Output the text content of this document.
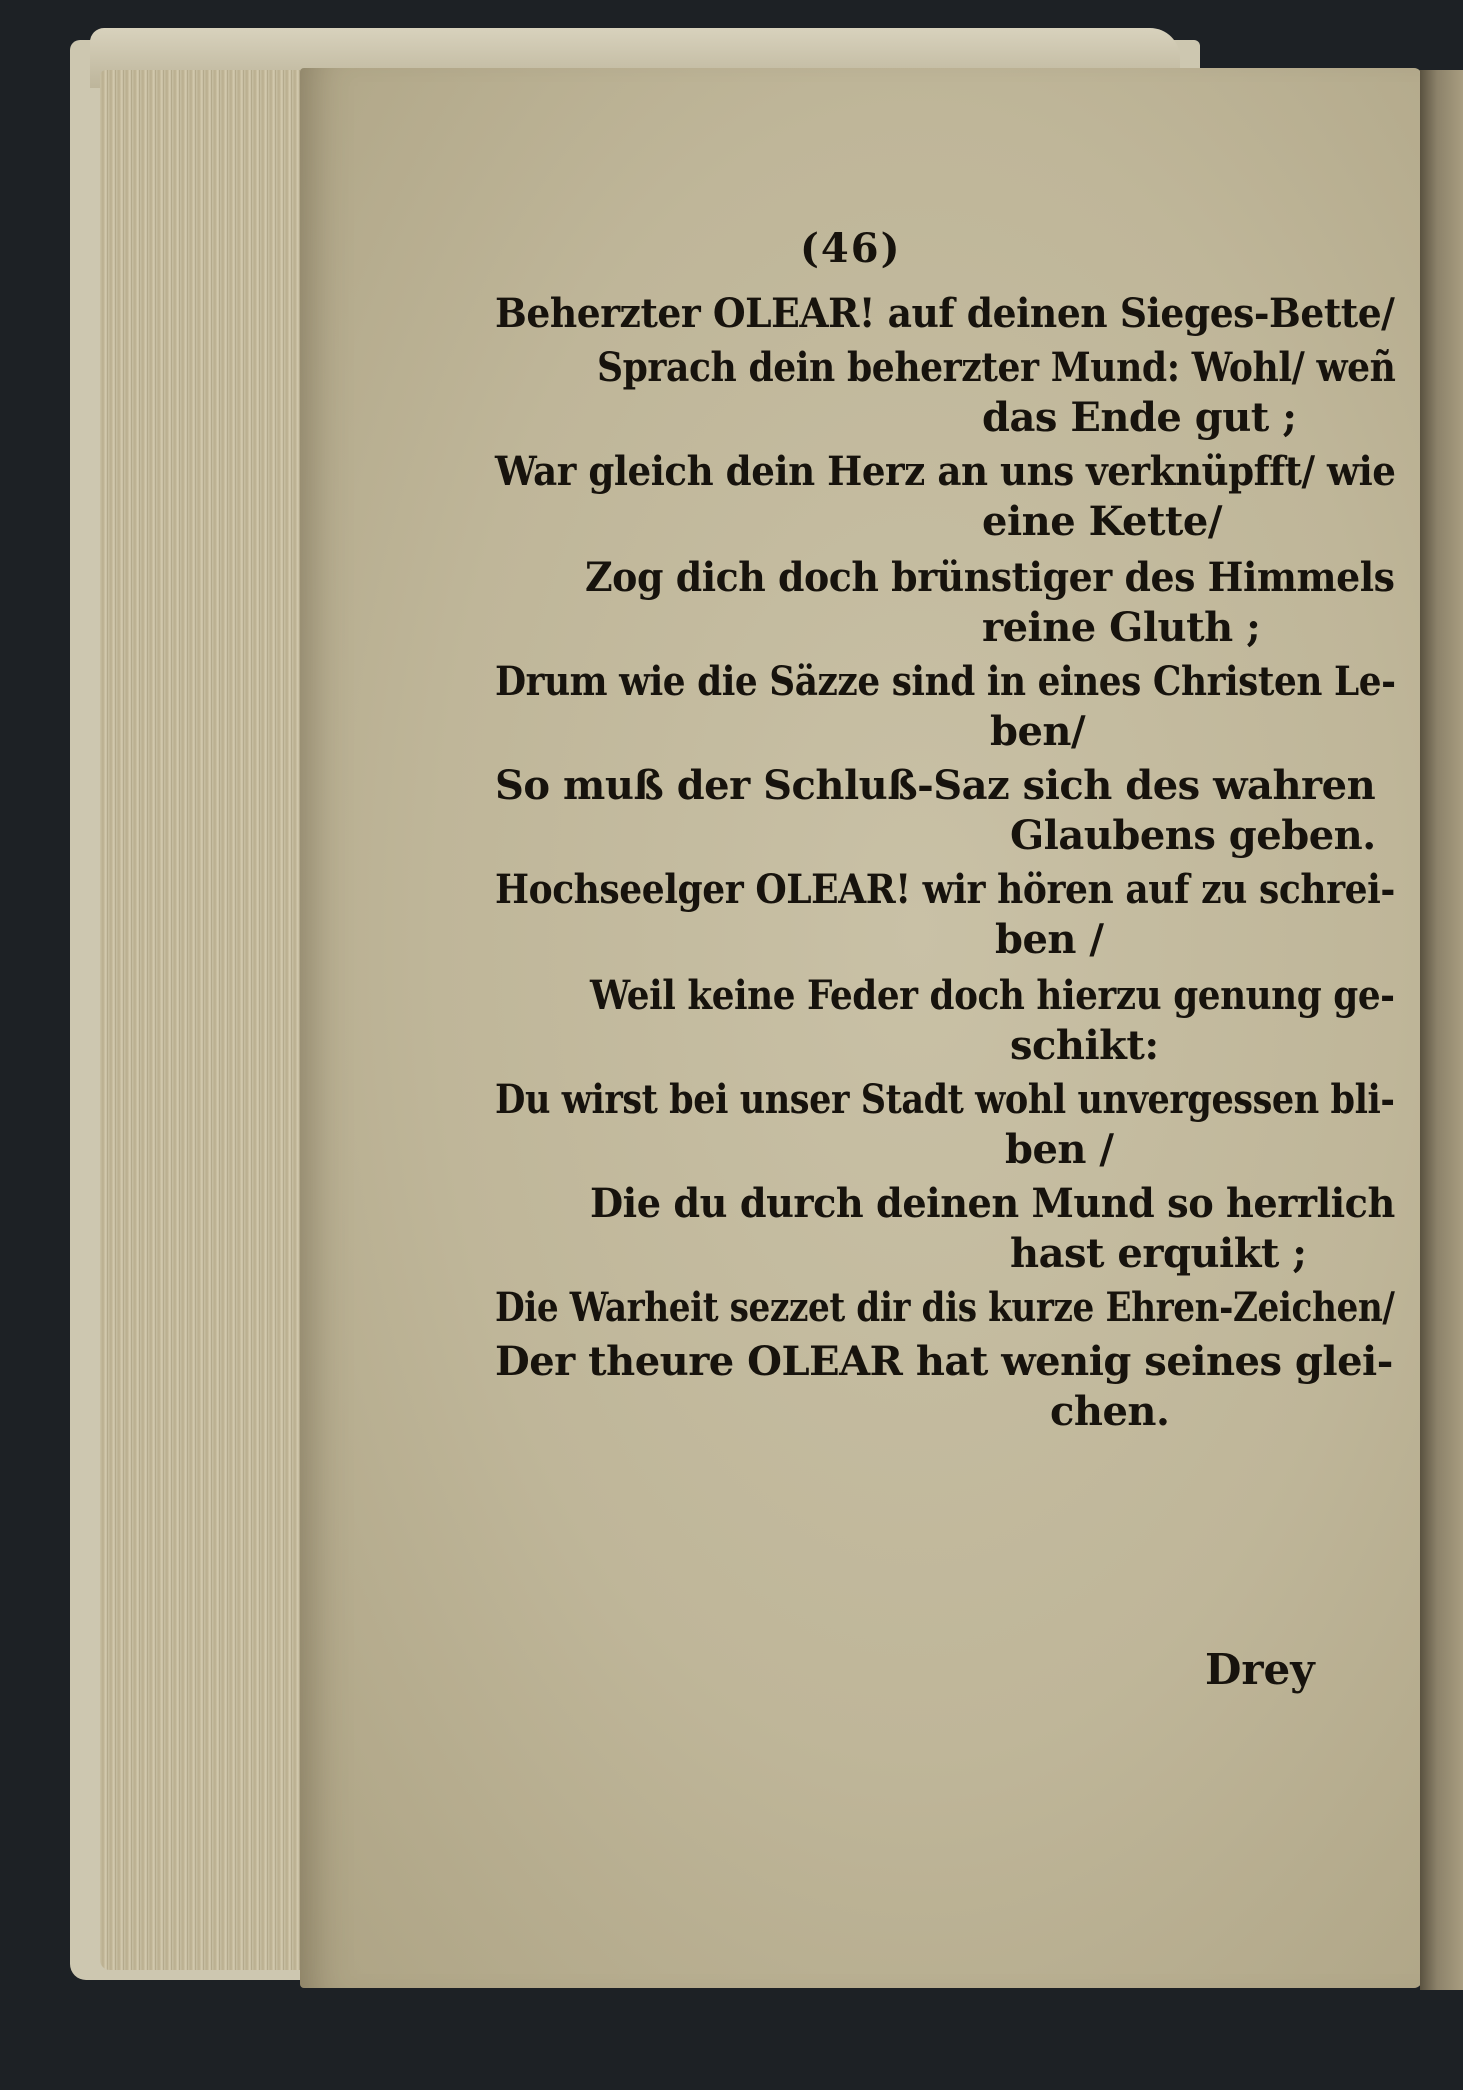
(46)
Beherzter OLEAR! auf deinen Sieges-Bette/
Sprach dein beherzter Mund: Wohl/ weñ
das Ende gut ;
War gleich dein Herz an uns verknüpfft/ wie
eine Kette/
Zog dich doch brünstiger des Himmels
reine Gluth ;
Drum wie die Säzze sind in eines Christen Le-
ben/
So muß der Schluß-Saz sich des wahren
Glaubens geben.
Hochseelger OLEAR! wir hören auf zu schrei-
ben /
Weil keine Feder doch hierzu genung ge-
schikt:
Du wirst bei unser Stadt wohl unvergessen bli-
ben /
Die du durch deinen Mund so herrlich
hast erquikt ;
Die Warheit sezzet dir dis kurze Ehren-Zeichen/
Der theure OLEAR hat wenig seines glei-
chen.
Drey
